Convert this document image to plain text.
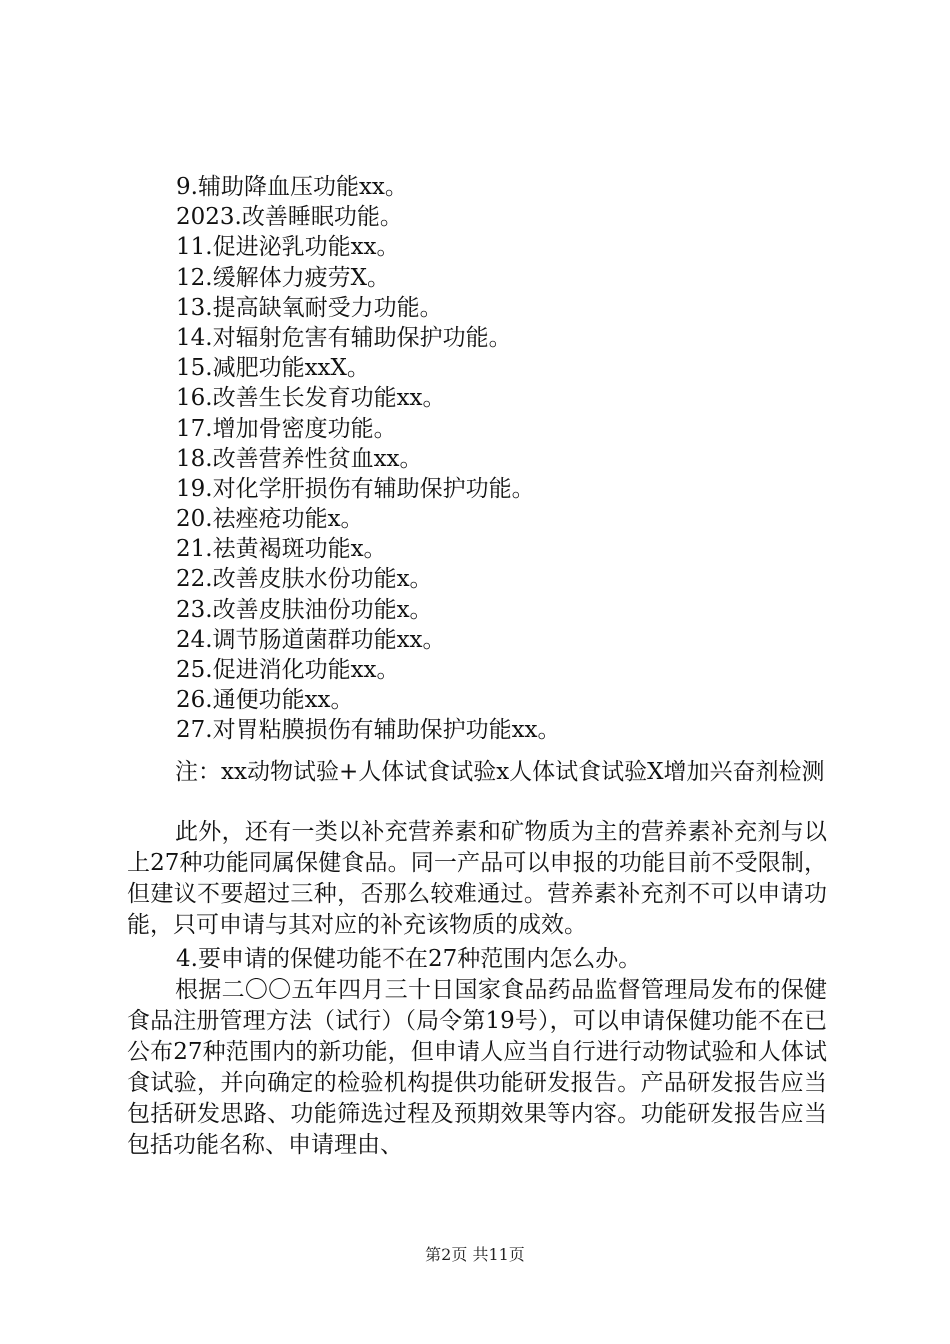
9.辅助降血压功能xx。
2023.改善睡眠功能。
11.促进泌乳功能xx。
12.缓解体力疲劳X。
13.提高缺氧耐受力功能。
14.对辐射危害有辅助保护功能。
15.减肥功能xxX。
16.改善生长发育功能xx。
17.增加骨密度功能。
18.改善营养性贫血xx。
19.对化学肝损伤有辅助保护功能。
20.祛痤疮功能x。
21.祛黄褐斑功能x。
22.改善皮肤水份功能x。
23.改善皮肤油份功能x。
24.调节肠道菌群功能xx。
25.促进消化功能xx。
26.通便功能xx。
27.对胃粘膜损伤有辅助保护功能xx。

注：xx动物试验+人体试食试验x人体试食试验X增加兴奋剂检测

此外，还有一类以补充营养素和矿物质为主的营养素补充剂与以上27种功能同属保健食品。同一产品可以申报的功能目前不受限制，但建议不要超过三种，否那么较难通过。营养素补充剂不可以申请功能，只可申请与其对应的补充该物质的成效。

4.要申请的保健功能不在27种范围内怎么办。

根据二〇〇五年四月三十日国家食品药品监督管理局发布的保健食品注册管理方法（试行）（局令第19号），可以申请保健功能不在已公布27种范围内的新功能，但申请人应当自行进行动物试验和人体试食试验，并向确定的检验机构提供功能研发报告。产品研发报告应当包括研发思路、功能筛选过程及预期效果等内容。功能研发报告应当包括功能名称、申请理由、

第2页 共11页
